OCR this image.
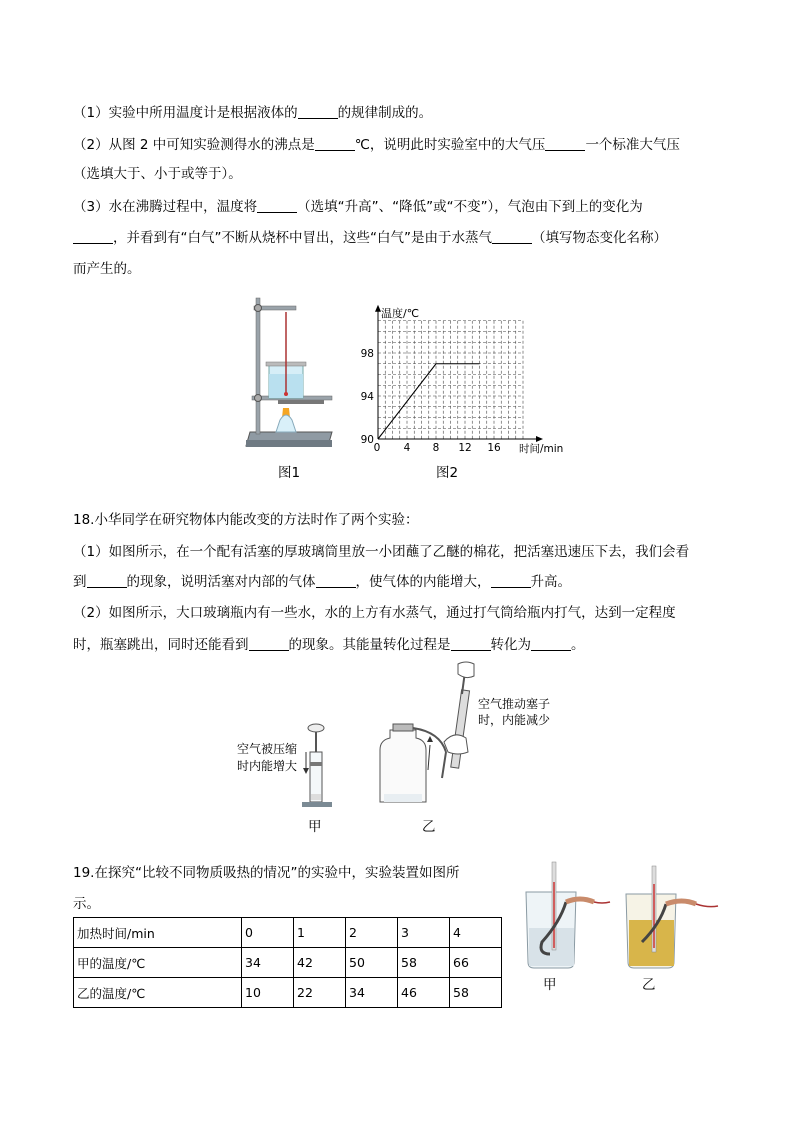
（1）实验中所用温度计是根据液体的	的规律制成的。
（2）从图 2 中可知实验测得水的沸点是	℃，说明此时实验室中的大气压	一个标准大气压
（选填大于、小于或等于）。
（3）水在沸腾过程中，温度将	（选填“升高”、“降低”或“不变”），气泡由下到上的变化为
，并看到有“白气”不断从烧杯中冒出，这些“白气”是由于水蒸气	（填写物态变化名称）
而产生的。
图1
温度/℃
时间/min
0 4 8 12 16
90
94
98
图2
18.小华同学在研究物体内能改变的方法时作了两个实验：
（1）如图所示，在一个配有活塞的厚玻璃筒里放一小团蘸了乙醚的棉花，把活塞迅速压下去，我们会看
到	的现象，说明活塞对内部的气体	，使气体的内能增大，	升高。
（2）如图所示，大口玻璃瓶内有一些水，水的上方有水蒸气，通过打气筒给瓶内打气，达到一定程度
时，瓶塞跳出，同时还能看到	的现象。其能量转化过程是	转化为	。
空气被压缩
时内能增大
甲
空气推动塞子
时，内能减少
乙
19.在探究“比较不同物质吸热的情况”的实验中，实验装置如图所
示。
加热时间/min	0	1	2	3	4
甲的温度/℃	34	42	50	58	66
乙的温度/℃	10	22	34	46	58	甲	乙
